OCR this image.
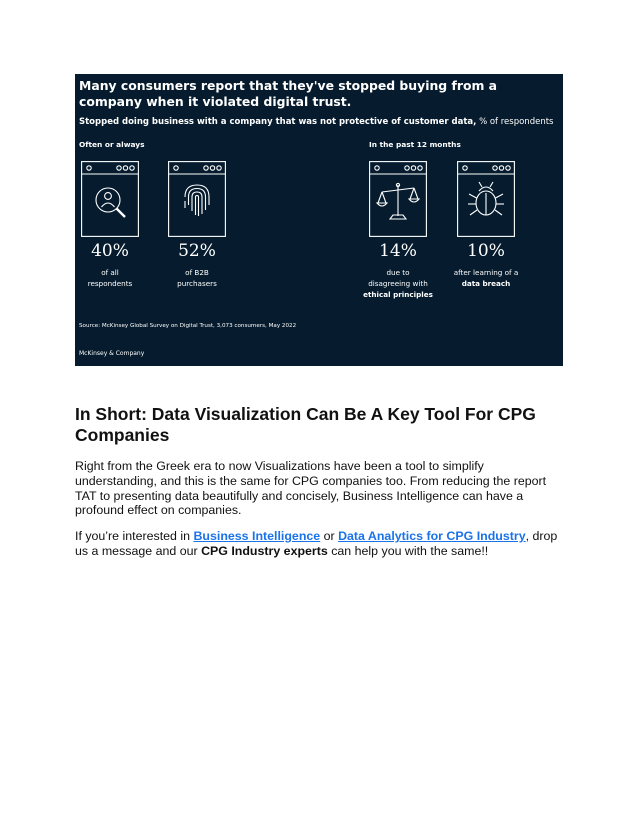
Many consumers report that they've stopped buying from a company when it violated digital trust.
Stopped doing business with a company that was not protective of customer data, % of respondents
Often or always	In the past 12 months
40%	52%	14%	10%
of all
respondents
of B2B
purchasers
due to
disagreeing with
ethical principles
after learning of a
data breach
Source: McKinsey Global Survey on Digital Trust, 3,073 consumers, May 2022
McKinsey & Company
In Short: Data Visualization Can Be A Key Tool For CPG Companies

Right from the Greek era to now Visualizations have been a tool to simplify understanding, and this is the same for CPG companies too. From reducing the report TAT to presenting data beautifully and concisely, Business Intelligence can have a profound effect on companies.

If you’re interested in Business Intelligence or Data Analytics for CPG Industry, drop us a message and our CPG Industry experts can help you with the same!!
